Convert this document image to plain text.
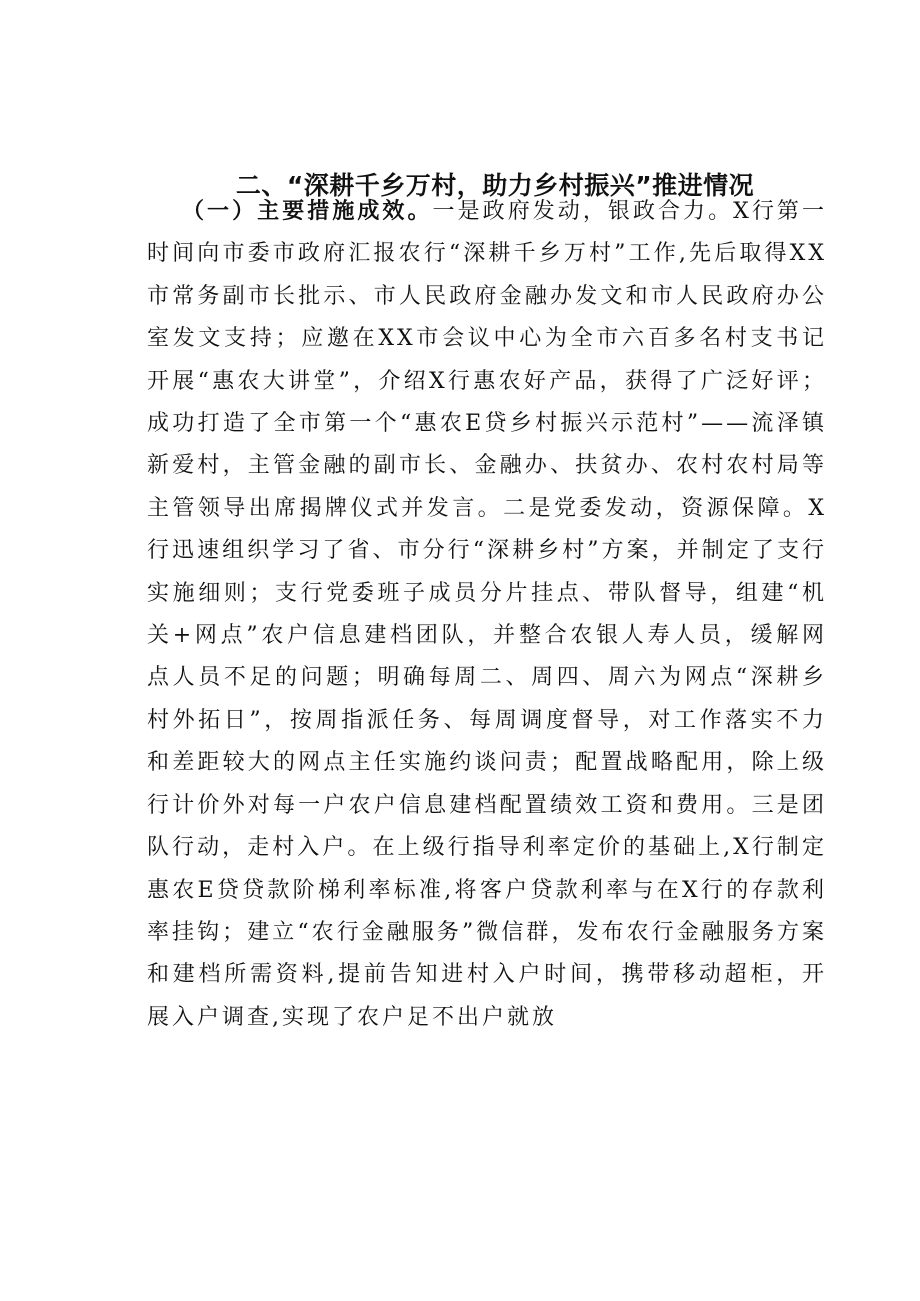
二、“深耕千乡万村，助力乡村振兴”推进情况

（一）主要措施成效。一是政府发动，银政合力。X行第一时间向市委市政府汇报农行“深耕千乡万村”工作,先后取得XX市常务副市长批示、市人民政府金融办发文和市人民政府办公室发文支持；应邀在XX市会议中心为全市六百多名村支书记开展“惠农大讲堂”，介绍X行惠农好产品，获得了广泛好评；成功打造了全市第一个“惠农E贷乡村振兴示范村”——流泽镇新爱村，主管金融的副市长、金融办、扶贫办、农村农村局等主管领导出席揭牌仪式并发言。二是党委发动，资源保障。X行迅速组织学习了省、市分行“深耕乡村”方案，并制定了支行实施细则；支行党委班子成员分片挂点、带队督导，组建“机关+网点”农户信息建档团队，并整合农银人寿人员，缓解网点人员不足的问题；明确每周二、周四、周六为网点“深耕乡村外拓日”，按周指派任务、每周调度督导，对工作落实不力和差距较大的网点主任实施约谈问责；配置战略配用，除上级行计价外对每一户农户信息建档配置绩效工资和费用。三是团队行动，走村入户。在上级行指导利率定价的基础上,X行制定惠农E贷贷款阶梯利率标准,将客户贷款利率与在X行的存款利率挂钩；建立“农行金融服务”微信群，发布农行金融服务方案和建档所需资料,提前告知进村入户时间，携带移动超柜，开展入户调查,实现了农户足不出户就放
